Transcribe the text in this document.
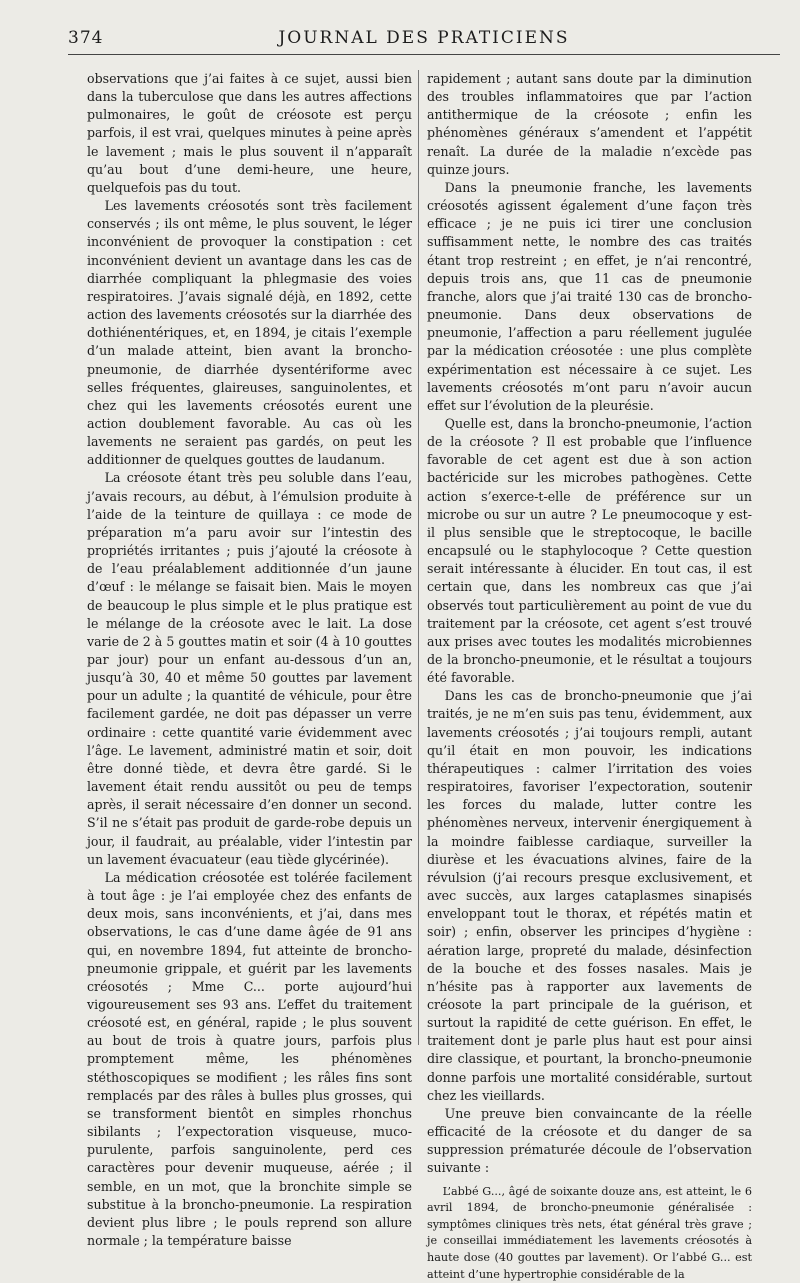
374	JOURNAL DES PRATICIENS

observations que j’ai faites à ce sujet, aussi bien dans la tuberculose que dans les autres affections pulmonaires, le goût de créosote est perçu parfois, il est vrai, quelques minutes à peine après le lavement ; mais le plus souvent il n’apparaît qu’au bout d’une demi-heure, une heure, quelquefois pas du tout.

Les lavements créosotés sont très facilement conservés ; ils ont même, le plus souvent, le léger inconvénient de provoquer la constipation : cet inconvénient devient un avantage dans les cas de diarrhée compliquant la phlegmasie des voies respiratoires. J’avais signalé déjà, en 1892, cette action des lavements créosotés sur la diarrhée des dothiénentériques, et, en 1894, je citais l’exemple d’un malade atteint, bien avant la broncho-pneumonie, de diarrhée dysentériforme avec selles fréquentes, glaireuses, sanguinolentes, et chez qui les lavements créosotés eurent une action doublement favorable. Au cas où les lavements ne seraient pas gardés, on peut les additionner de quelques gouttes de laudanum.

La créosote étant très peu soluble dans l’eau, j’avais recours, au début, à l’émulsion produite à l’aide de la teinture de quillaya : ce mode de préparation m’a paru avoir sur l’intestin des propriétés irritantes ; puis j’ajouté la créosote à de l’eau préalablement additionnée d’un jaune d’œuf : le mélange se faisait bien. Mais le moyen de beaucoup le plus simple et le plus pratique est le mélange de la créosote avec le lait. La dose varie de 2 à 5 gouttes matin et soir (4 à 10 gouttes par jour) pour un enfant au-dessous d’un an, jusqu’à 30, 40 et même 50 gouttes par lavement pour un adulte ; la quantité de véhicule, pour être facilement gardée, ne doit pas dépasser un verre ordinaire : cette quantité varie évidemment avec l’âge. Le lavement, administré matin et soir, doit être donné tiède, et devra être gardé. Si le lavement était rendu aussitôt ou peu de temps après, il serait nécessaire d’en donner un second. S’il ne s’était pas produit de garde-robe depuis un jour, il faudrait, au préalable, vider l’intestin par un lavement évacuateur (eau tiède glycérinée).

La médication créosotée est tolérée facilement à tout âge : je l’ai employée chez des enfants de deux mois, sans inconvénients, et j’ai, dans mes observations, le cas d’une dame âgée de 91 ans qui, en novembre 1894, fut atteinte de broncho-pneumonie grippale, et guérit par les lavements créosotés ; Mme C... porte aujourd’hui vigoureusement ses 93 ans. L’effet du traitement créosoté est, en général, rapide ; le plus souvent au bout de trois à quatre jours, parfois plus promptement même, les phénomènes stéthoscopiques se modifient ; les râles fins sont remplacés par des râles à bulles plus grosses, qui se transforment bientôt en simples rhonchus sibilants ; l’expectoration visqueuse, muco-purulente, parfois sanguinolente, perd ces caractères pour devenir muqueuse, aérée ; il semble, en un mot, que la bronchite simple se substitue à la broncho-pneumonie. La respiration devient plus libre ; le pouls reprend son allure normale ; la température baisse

rapidement ; autant sans doute par la diminution des troubles inflammatoires que par l’action antithermique de la créosote ; enfin les phénomènes généraux s’amendent et l’appétit renaît. La durée de la maladie n’excède pas quinze jours.

Dans la pneumonie franche, les lavements créosotés agissent également d’une façon très efficace ; je ne puis ici tirer une conclusion suffisamment nette, le nombre des cas traités étant trop restreint ; en effet, je n’ai rencontré, depuis trois ans, que 11 cas de pneumonie franche, alors que j’ai traité 130 cas de broncho-pneumonie. Dans deux observations de pneumonie, l’affection a paru réellement jugulée par la médication créosotée : une plus complète expérimentation est nécessaire à ce sujet. Les lavements créosotés m’ont paru n’avoir aucun effet sur l’évolution de la pleurésie.

Quelle est, dans la broncho-pneumonie, l’action de la créosote ? Il est probable que l’influence favorable de cet agent est due à son action bactéricide sur les microbes pathogènes. Cette action s’exerce-t-elle de préférence sur un microbe ou sur un autre ? Le pneumocoque y est-il plus sensible que le streptocoque, le bacille encapsulé ou le staphylocoque ? Cette question serait intéressante à élucider. En tout cas, il est certain que, dans les nombreux cas que j’ai observés tout particulièrement au point de vue du traitement par la créosote, cet agent s’est trouvé aux prises avec toutes les modalités microbiennes de la broncho-pneumonie, et le résultat a toujours été favorable.

Dans les cas de broncho-pneumonie que j’ai traités, je ne m’en suis pas tenu, évidemment, aux lavements créosotés ; j’ai toujours rempli, autant qu’il était en mon pouvoir, les indications thérapeutiques : calmer l’irritation des voies respiratoires, favoriser l’expectoration, soutenir les forces du malade, lutter contre les phénomènes nerveux, intervenir énergiquement à la moindre faiblesse cardiaque, surveiller la diurèse et les évacuations alvines, faire de la révulsion (j’ai recours presque exclusivement, et avec succès, aux larges cataplasmes sinapisés enveloppant tout le thorax, et répétés matin et soir) ; enfin, observer les principes d’hygiène : aération large, propreté du malade, désinfection de la bouche et des fosses nasales. Mais je n’hésite pas à rapporter aux lavements de créosote la part principale de la guérison, et surtout la rapidité de cette guérison. En effet, le traitement dont je parle plus haut est pour ainsi dire classique, et pourtant, la broncho-pneumonie donne parfois une mortalité considérable, surtout chez les vieillards.

Une preuve bien convaincante de la réelle efficacité de la créosote et du danger de sa suppression prématurée découle de l’observation suivante :

L’abbé G..., âgé de soixante douze ans, est atteint, le 6 avril 1894, de broncho-pneumonie généralisée : symptômes cliniques très nets, état général très grave ; je conseillai immédiatement les lavements créosotés à haute dose (40 gouttes par lavement). Or l’abbé G... est atteint d’une hypertrophie considérable de la
